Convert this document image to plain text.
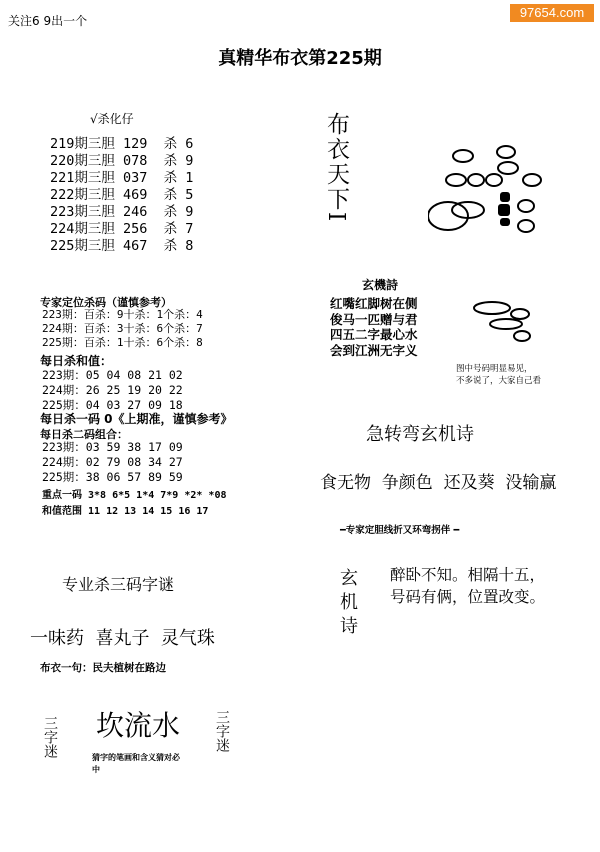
关注6 9出一个
97654.com
真精华布衣第225期
√杀化仔
219期三胆 129  杀 6
220期三胆 078  杀 9
221期三胆 037  杀 1
222期三胆 469  杀 5
223期三胆 246  杀 9
224期三胆 256  杀 7
225期三胆 467  杀 8
专家定位杀码（谨慎参考）
223期：百杀：9十杀：1个杀：4
224期：百杀：3十杀：6个杀：7
225期：百杀：1十杀：6个杀：8
每日杀和值：
223期：05 04 08 21 02
224期：26 25 19 20 22
225期：04 03 27 09 18
每日杀一码 0《上期准，谨慎参考》
每日杀二码组合：
223期：03 59 38 17 09
224期：02 79 08 34 27
225期：38 06 57 89 59
重点一码 3*8 6*5 1*4 7*9 *2* *08
和值范围 11 12 13 14 15 16 17
专业杀三码字谜
一味药  喜丸子  灵气珠
布衣一句：民夫植树在路边
三字迷 坎流水
猜字的笔画和含义猜对必中
三字迷
布衣天下I
玄機詩
红嘴红脚树在侧
俊马一匹赠与君
四五二字最心水
会到江洲无字义
图中号码明显易见，
不多说了，大家自己看
急转弯玄机诗
食无物  争颜色  还及葵  没输赢
━专家定胆线折又环弯拐伴 ━
玄机诗 醉卧不知。相隔十五，
号码有俩，位置改变。
